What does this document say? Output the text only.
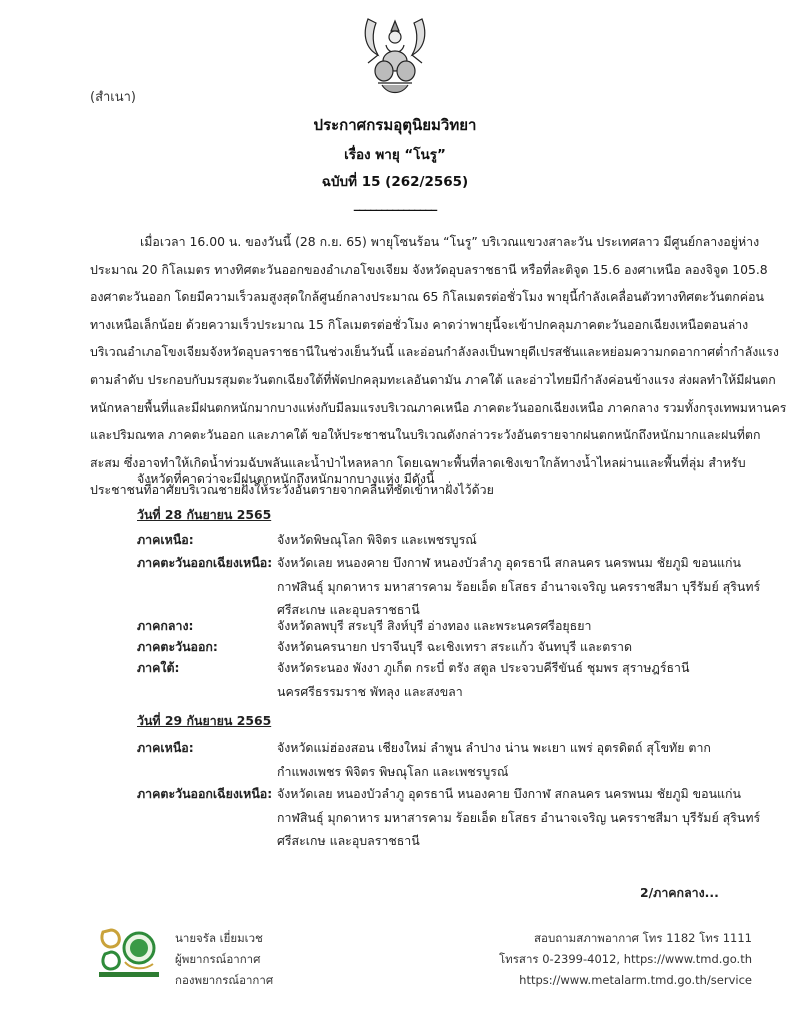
(สำเนา)
ประกาศกรมอุตุนิยมวิทยา
เรื่อง พายุ “โนรู”
ฉบับที่ 15 (262/2565)
_______________
เมื่อเวลา 16.00 น. ของวันนี้ (28 ก.ย. 65) พายุโซนร้อน “โนรู” บริเวณแขวงสาละวัน ประเทศลาว มีศูนย์กลางอยู่ห่าง
ประมาณ 20 กิโลเมตร ทางทิศตะวันออกของอำเภอโขงเจียม จังหวัดอุบลราชธานี หรือที่ละติจูด 15.6 องศาเหนือ ลองจิจูด 105.8
องศาตะวันออก โดยมีความเร็วลมสูงสุดใกล้ศูนย์กลางประมาณ 65 กิโลเมตรต่อชั่วโมง พายุนี้กำลังเคลื่อนตัวทางทิศตะวันตกค่อน
ทางเหนือเล็กน้อย ด้วยความเร็วประมาณ 15 กิโลเมตรต่อชั่วโมง คาดว่าพายุนี้จะเข้าปกคลุมภาคตะวันออกเฉียงเหนือตอนล่าง
บริเวณอำเภอโขงเจียมจังหวัดอุบลราชธานีในช่วงเย็นวันนี้ และอ่อนกำลังลงเป็นพายุดีเปรสชันและหย่อมความกดอากาศต่ำกำลังแรง
ตามลำดับ ประกอบกับมรสุมตะวันตกเฉียงใต้ที่พัดปกคลุมทะเลอันดามัน ภาคใต้ และอ่าวไทยมีกำลังค่อนข้างแรง ส่งผลทำให้มีฝนตก
หนักหลายพื้นที่และมีฝนตกหนักมากบางแห่งกับมีลมแรงบริเวณภาคเหนือ ภาคตะวันออกเฉียงเหนือ ภาคกลาง รวมทั้งกรุงเทพมหานคร
และปริมณฑล ภาคตะวันออก และภาคใต้ ขอให้ประชาชนในบริเวณดังกล่าวระวังอันตรายจากฝนตกหนักถึงหนักมากและฝนที่ตก
สะสม ซึ่งอาจทำให้เกิดน้ำท่วมฉับพลันและน้ำป่าไหลหลาก โดยเฉพาะพื้นที่ลาดเชิงเขาใกล้ทางน้ำไหลผ่านและพื้นที่ลุ่ม สำหรับ
ประชาชนที่อาศัยบริเวณชายฝั่งให้ระวังอันตรายจากคลื่นที่ซัดเข้าหาฝั่งไว้ด้วย
จังหวัดที่คาดว่าจะมีฝนตกหนักถึงหนักมากบางแห่ง มีดังนี้
วันที่ 28 กันยายน 2565
ภาคเหนือ:	จังหวัดพิษณุโลก พิจิตร และเพชรบูรณ์
ภาคตะวันออกเฉียงเหนือ: จังหวัดเลย หนองคาย บึงกาฬ หนองบัวลำภู อุดรธานี สกลนคร นครพนม ชัยภูมิ ขอนแก่น
กาฬสินธุ์ มุกดาหาร มหาสารคาม ร้อยเอ็ด ยโสธร อำนาจเจริญ นครราชสีมา บุรีรัมย์ สุรินทร์
ศรีสะเกษ และอุบลราชธานี
ภาคกลาง:	จังหวัดลพบุรี สระบุรี สิงห์บุรี อ่างทอง และพระนครศรีอยุธยา
ภาคตะวันออก:	จังหวัดนครนายก ปราจีนบุรี ฉะเชิงเทรา สระแก้ว จันทบุรี และตราด
ภาคใต้:	จังหวัดระนอง พังงา ภูเก็ต กระบี่ ตรัง สตูล ประจวบคีรีขันธ์ ชุมพร สุราษฎร์ธานี
นครศรีธรรมราช พัทลุง และสงขลา
วันที่ 29 กันยายน 2565
ภาคเหนือ:	จังหวัดแม่ฮ่องสอน เชียงใหม่ ลำพูน ลำปาง น่าน พะเยา แพร่ อุตรดิตถ์ สุโขทัย ตาก
กำแพงเพชร พิจิตร พิษณุโลก และเพชรบูรณ์
ภาคตะวันออกเฉียงเหนือ: จังหวัดเลย หนองบัวลำภู อุดรธานี หนองคาย บึงกาฬ สกลนคร นครพนม ชัยภูมิ ขอนแก่น
กาฬสินธุ์ มุกดาหาร มหาสารคาม ร้อยเอ็ด ยโสธร อำนาจเจริญ นครราชสีมา บุรีรัมย์ สุรินทร์
ศรีสะเกษ และอุบลราชธานี
2/ภาคกลาง...
นายจรัล เยี่ยมเวช
ผู้พยากรณ์อากาศ
กองพยากรณ์อากาศ
สอบถามสภาพอากาศ โทร 1182 โทร 1111
โทรสาร 0-2399-4012, https://www.tmd.go.th
https://www.metalarm.tmd.go.th/service
